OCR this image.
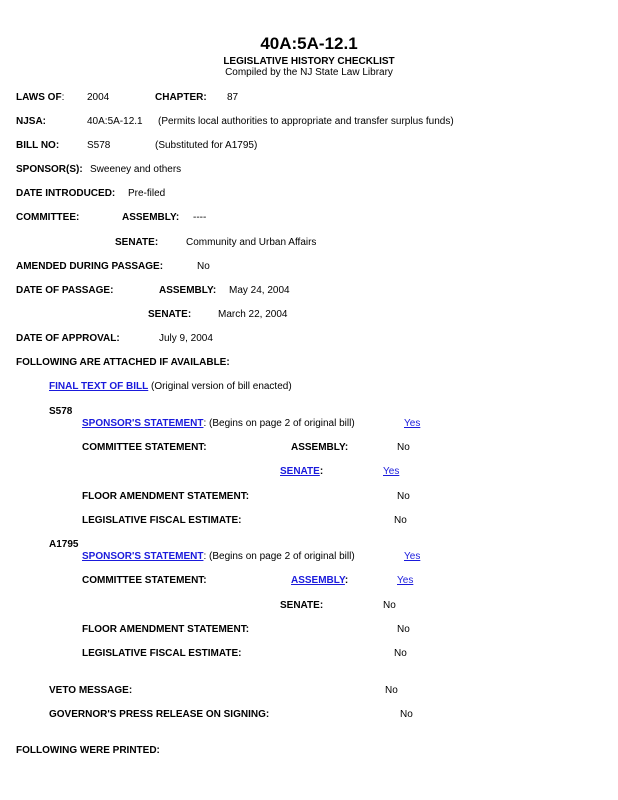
40A:5A-12.1
LEGISLATIVE HISTORY CHECKLIST
Compiled by the NJ State Law Library
LAWS OF: 2004	CHAPTER: 87
NJSA:	40A:5A-12.1 (Permits local authorities to appropriate and transfer surplus funds)
BILL NO:	S578	(Substituted for A1795)
SPONSOR(S): Sweeney and others
DATE INTRODUCED: Pre-filed
COMMITTEE:	ASSEMBLY: ----
SENATE:	Community and Urban Affairs
AMENDED DURING PASSAGE:	No
DATE OF PASSAGE:	ASSEMBLY: May 24, 2004
SENATE:	March 22, 2004
DATE OF APPROVAL:	July 9, 2004
FOLLOWING ARE ATTACHED IF AVAILABLE:
FINAL TEXT OF BILL (Original version of bill enacted)
S578
SPONSOR'S STATEMENT: (Begins on page 2 of original bill)	Yes
COMMITTEE STATEMENT:	ASSEMBLY:	No
SENATE:	Yes
FLOOR AMENDMENT STATEMENT:	No
LEGISLATIVE FISCAL ESTIMATE:	No
A1795
SPONSOR'S STATEMENT: (Begins on page 2 of original bill)	Yes
COMMITTEE STATEMENT:	ASSEMBLY:	Yes
SENATE:	No
FLOOR AMENDMENT STATEMENT:	No
LEGISLATIVE FISCAL ESTIMATE:	No
VETO MESSAGE:	No
GOVERNOR'S PRESS RELEASE ON SIGNING:	No
FOLLOWING WERE PRINTED:
